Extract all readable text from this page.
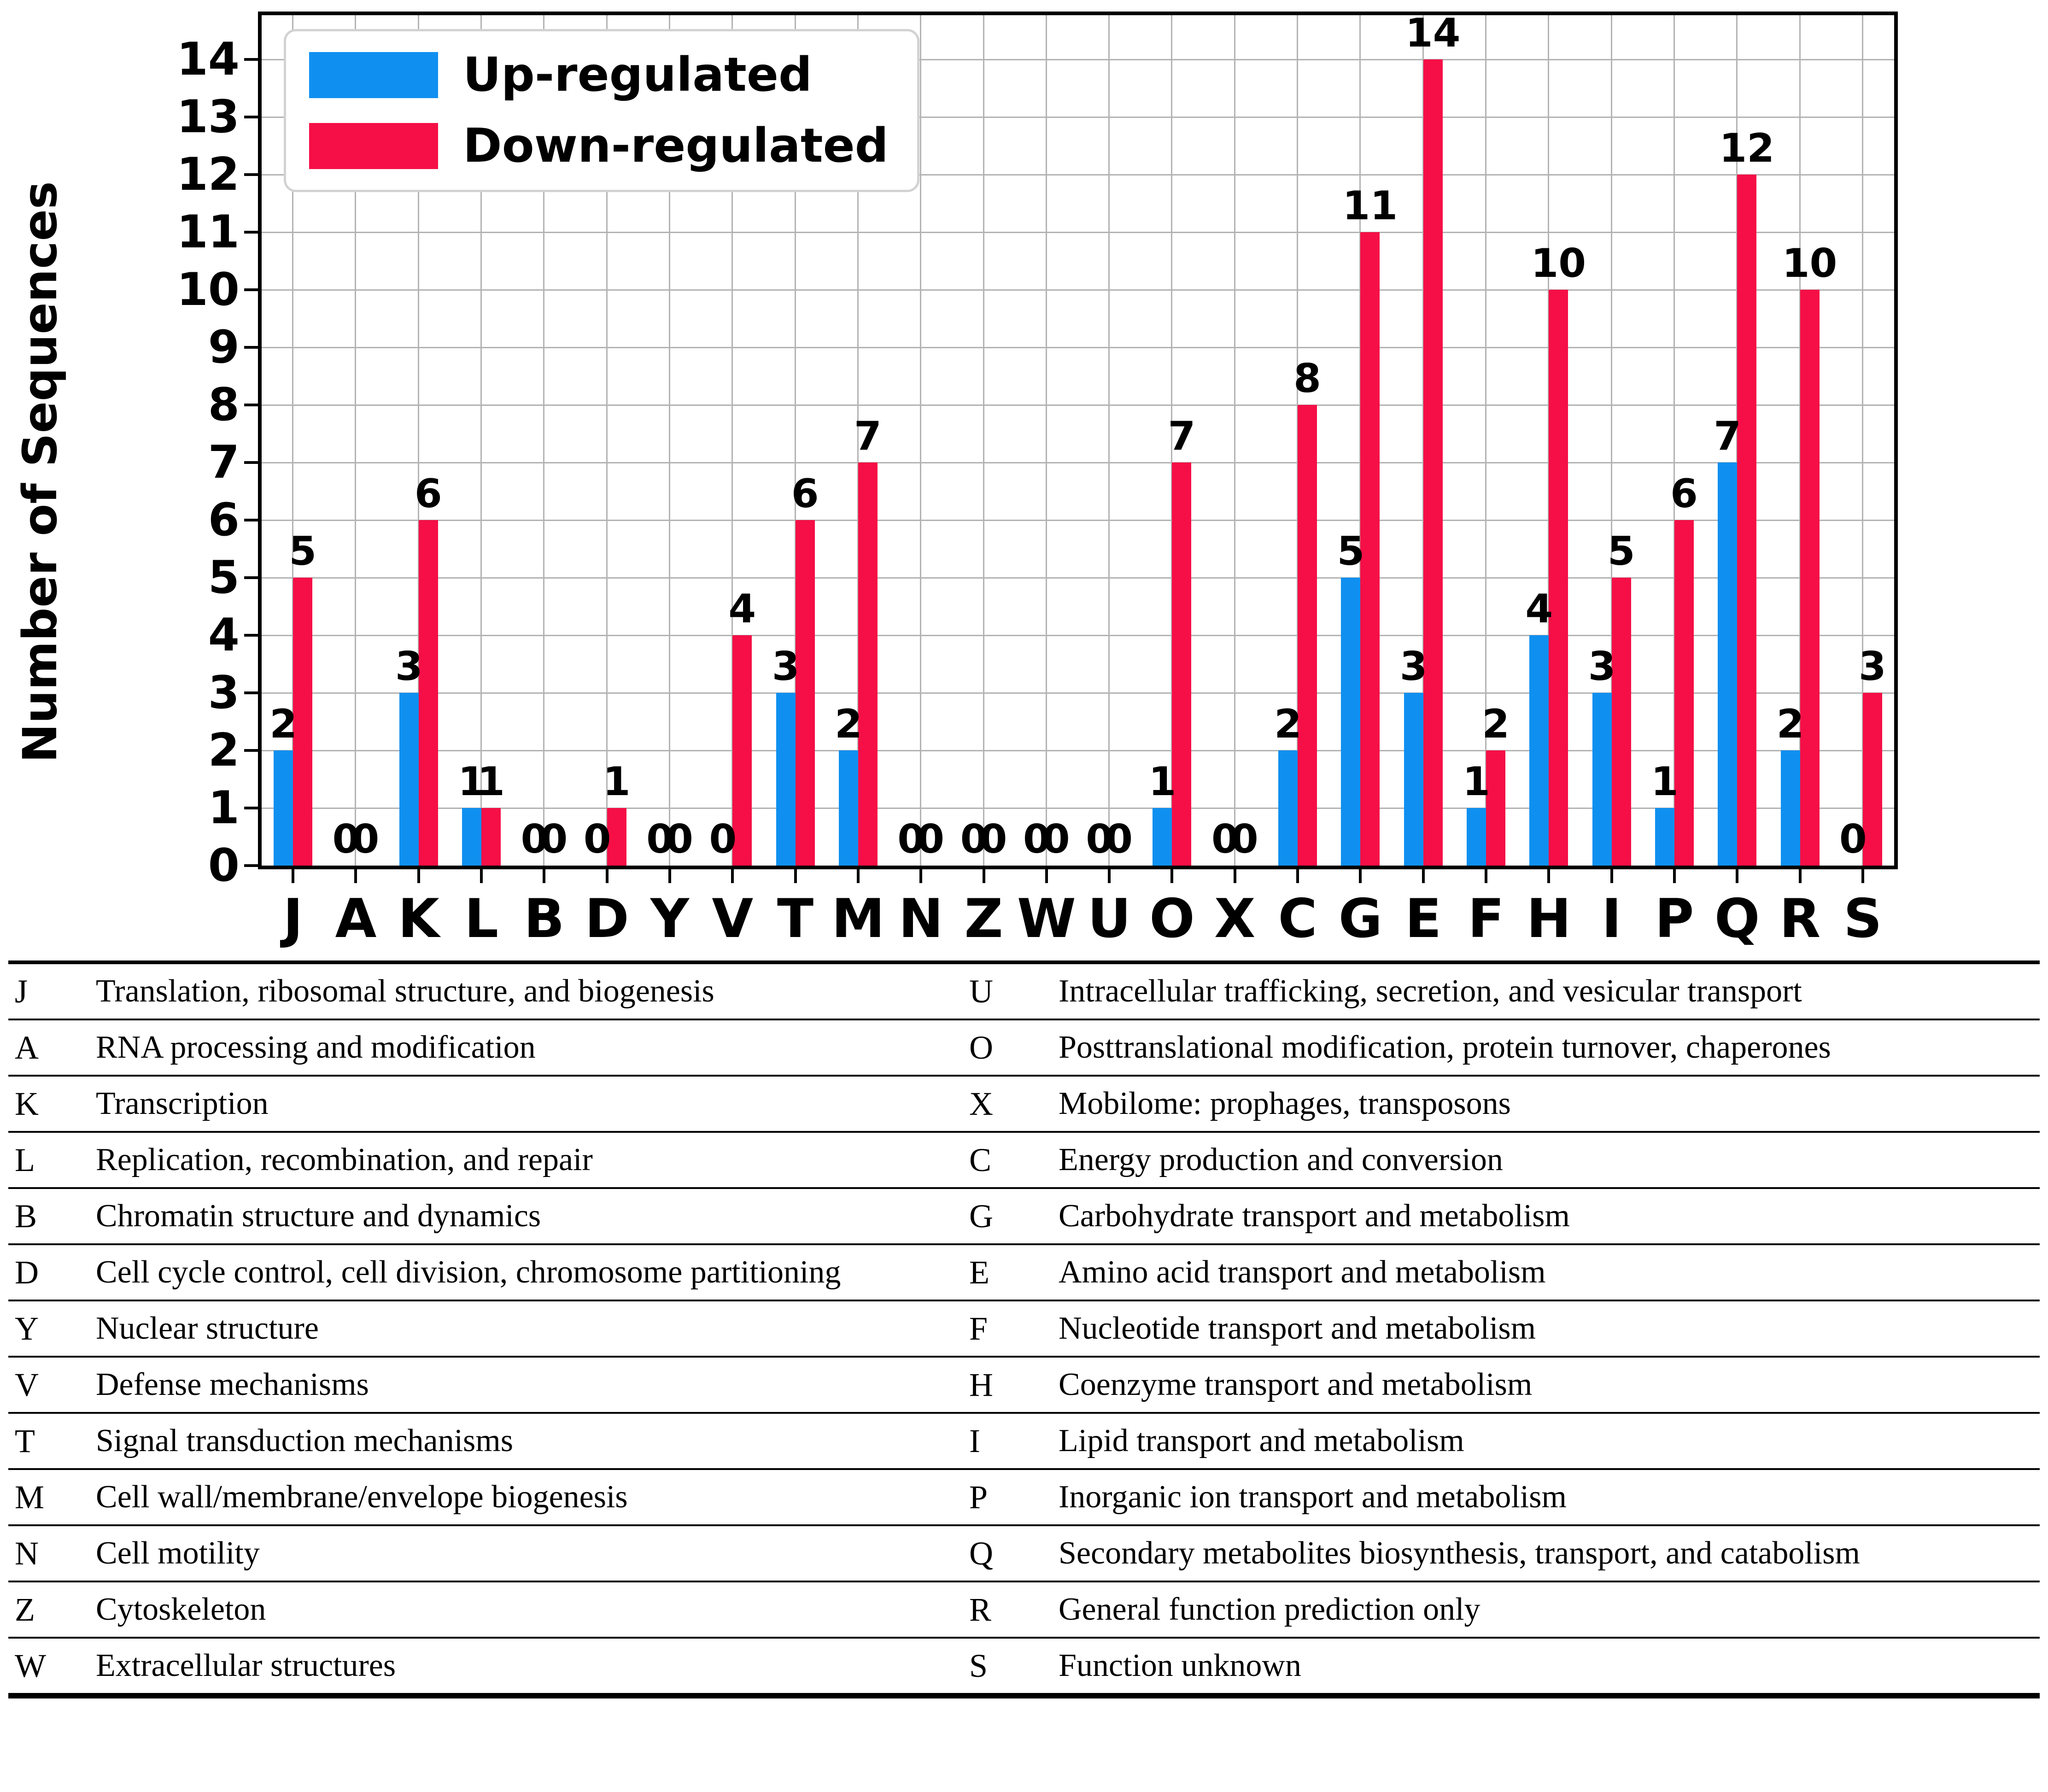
Number of Sequences
Up-regulated
Down-regulated
2
5
0
0
3
6
1
1
0
0 0
1
0
0 0
4
3
6
2
7
0
0 0
0 0
0 0
0
1
7
0
0
2
8
5
11
3
14
1
2
4
10
3
5
1
6
7
12
2
10
0
3
0
1
2
3
4
5
6
7
8
9
10
11
12
13
14
J A K L B D Y V T M N Z W U O X C G E F H I P Q R S
J	Translation, ribosomal structure, and biogenesis	U	Intracellular trafficking, secretion, and vesicular transport
A	RNA processing and modification	O	Posttranslational modification, protein turnover, chaperones
K	Transcription	X	Mobilome: prophages, transposons
L	Replication, recombination, and repair	C	Energy production and conversion
B	Chromatin structure and dynamics	G	Carbohydrate transport and metabolism
D	Cell cycle control, cell division, chromosome partitioning	E	Amino acid transport and metabolism
Y	Nuclear structure	F	Nucleotide transport and metabolism
V	Defense mechanisms	H	Coenzyme transport and metabolism
T	Signal transduction mechanisms	I	Lipid transport and metabolism
M	Cell wall/membrane/envelope biogenesis	P	Inorganic ion transport and metabolism
N	Cell motility	Q	Secondary metabolites biosynthesis, transport, and catabolism
Z	Cytoskeleton	R	General function prediction only
W	Extracellular structures	S	Function unknown
